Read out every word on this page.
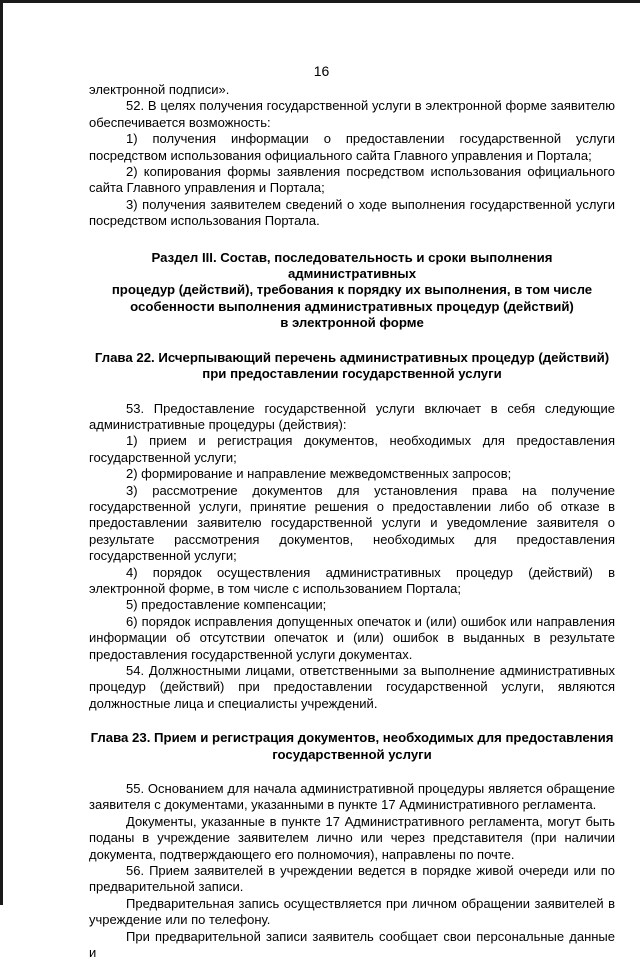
16

электронной подписи».

52. В целях получения государственной услуги в электронной форме заявителю обеспечивается возможность:

1) получения информации о предоставлении государственной услуги посредством использования официального сайта Главного управления и Портала;

2) копирования формы заявления посредством использования официального сайта Главного управления и Портала;

3) получения заявителем сведений о ходе выполнения государственной услуги посредством использования Портала.

Раздел III. Состав, последовательность и сроки выполнения административных
процедур (действий), требования к порядку их выполнения, в том числе
особенности выполнения административных процедур (действий)
в электронной форме
Глава 22. Исчерпывающий перечень административных процедур (действий)
при предоставлении государственной услуги

53. Предоставление государственной услуги включает в себя следующие административные процедуры (действия):

1) прием и регистрация документов, необходимых для предоставления государственной услуги;

2) формирование и направление межведомственных запросов;

3) рассмотрение документов для установления права на получение государственной услуги, принятие решения о предоставлении либо об отказе в предоставлении заявителю государственной услуги и уведомление заявителя о результате рассмотрения документов, необходимых для предоставления государственной услуги;

4) порядок осуществления административных процедур (действий) в электронной форме, в том числе с использованием Портала;

5) предоставление компенсации;

6) порядок исправления допущенных опечаток и (или) ошибок или направления информации об отсутствии опечаток и (или) ошибок в выданных в результате предоставления государственной услуги документах.

54. Должностными лицами, ответственными за выполнение административных процедур (действий) при предоставлении государственной услуги, являются должностные лица и специалисты учреждений.

Глава 23. Прием и регистрация документов, необходимых для предоставления
государственной услуги

55. Основанием для начала административной процедуры является обращение заявителя с документами, указанными в пункте 17 Административного регламента.

Документы, указанные в пункте 17 Административного регламента, могут быть поданы в учреждение заявителем лично или через представителя (при наличии документа, подтверждающего его полномочия), направлены по почте.

56. Прием заявителей в учреждении ведется в порядке живой очереди или по предварительной записи.

Предварительная запись осуществляется при личном обращении заявителей в учреждение или по телефону.

При предварительной записи заявитель сообщает свои персональные данные и
